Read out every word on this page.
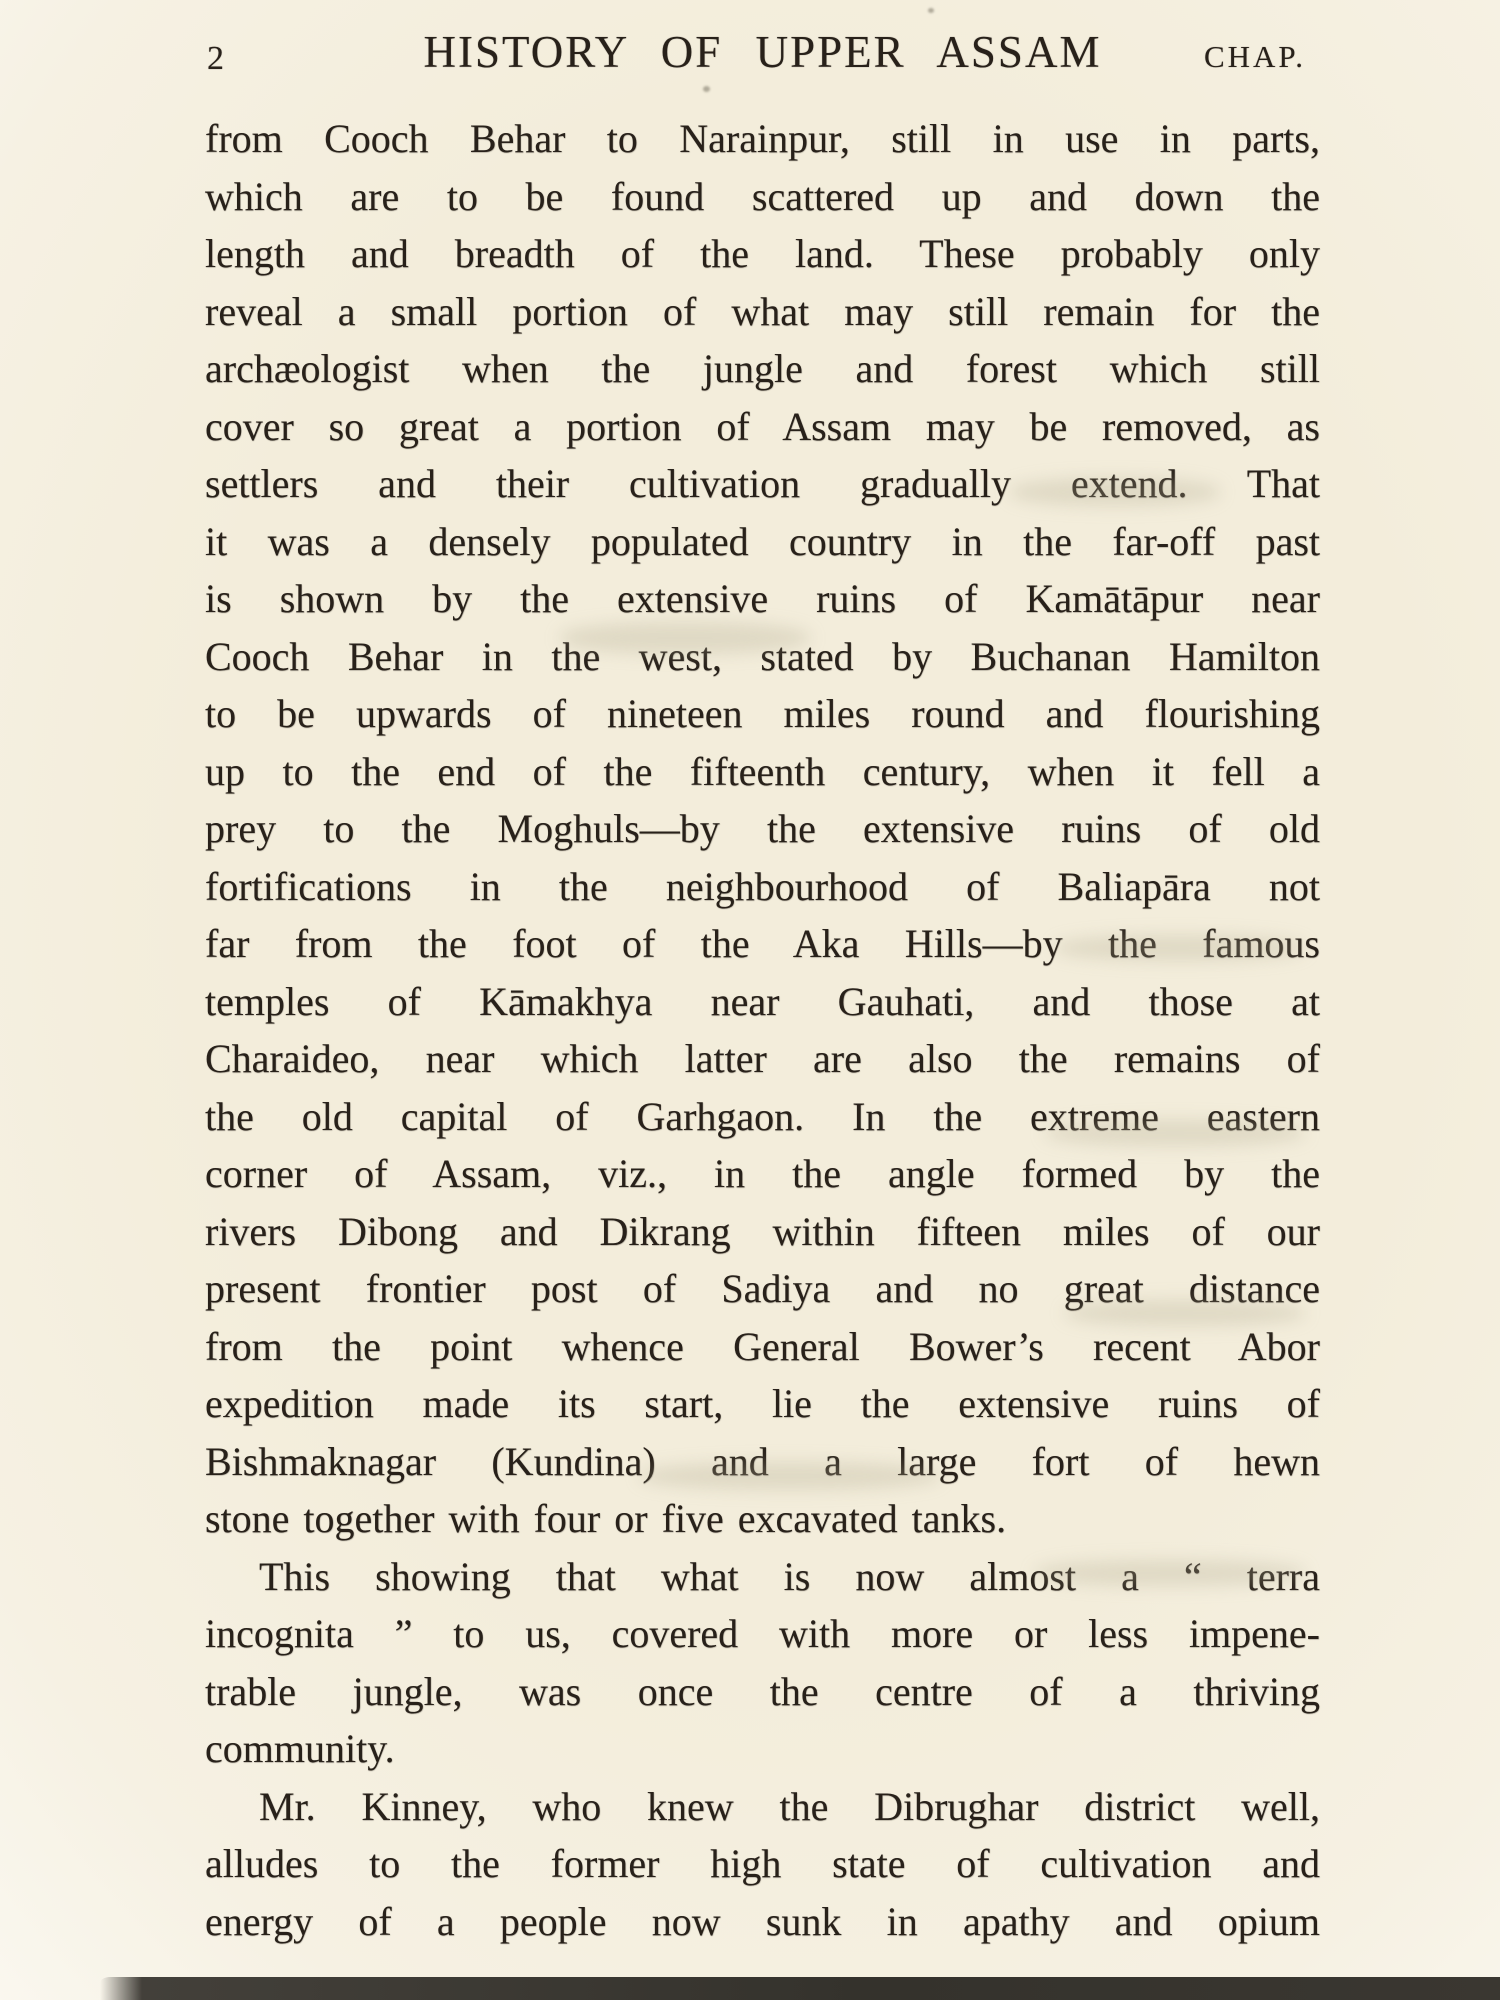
2	HISTORY OF UPPER ASSAM	CHAP.
from Cooch Behar to Narainpur, still in use in parts,
which are to be found scattered up and down the
length and breadth of the land. These probably only
reveal a small portion of what may still remain for the
archæologist when the jungle and forest which still
cover so great a portion of Assam may be removed, as
settlers and their cultivation gradually extend. That
it was a densely populated country in the far-off past
is shown by the extensive ruins of Kamātāpur near
Cooch Behar in the west, stated by Buchanan Hamilton
to be upwards of nineteen miles round and flourishing
up to the end of the fifteenth century, when it fell a
prey to the Moghuls—by the extensive ruins of old
fortifications in the neighbourhood of Baliapāra not
far from the foot of the Aka Hills—by the famous
temples of Kāmakhya near Gauhati, and those at
Charaideo, near which latter are also the remains of
the old capital of Garhgaon. In the extreme eastern
corner of Assam, viz., in the angle formed by the
rivers Dibong and Dikrang within fifteen miles of our
present frontier post of Sadiya and no great distance
from the point whence General Bower’s recent Abor
expedition made its start, lie the extensive ruins of
Bishmaknagar (Kundina) and a large fort of hewn
stone together with four or five excavated tanks.
This showing that what is now almost a “ terra
incognita ” to us, covered with more or less impene-
trable jungle, was once the centre of a thriving
community.
Mr. Kinney, who knew the Dibrughar district well,
alludes to the former high state of cultivation and
energy of a people now sunk in apathy and opium
